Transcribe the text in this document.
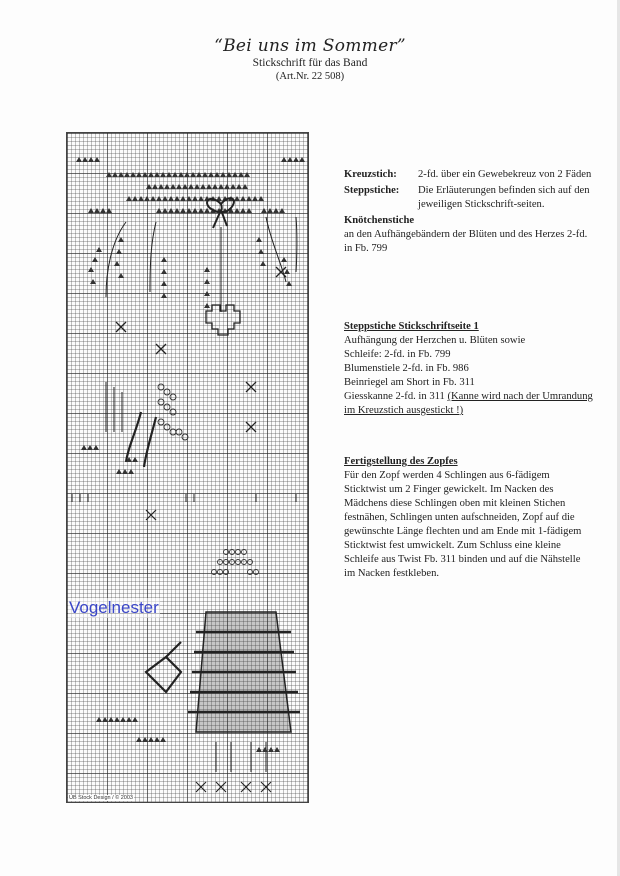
“Bei uns im Sommer”
Stickschrift für das Band
(Art.Nr. 22 508)
Vogelnester
UB Stock Design / © 2003
Kreuzstich:	2-fd. über ein Gewebekreuz von 2 Fäden
Steppstiche:	Die Erläuterungen befinden sich auf den jeweiligen Stickschrift-seiten.
Knötchenstiche
an den Aufhängebändern der Blüten und des Herzes 2-fd. in Fb. 799
Steppstiche Stickschriftseite 1
Aufhängung der Herzchen u. Blüten sowie
Schleife: 2-fd. in Fb. 799
Blumenstiele 2-fd. in Fb. 986
Beinriegel am Short in Fb. 311
Giesskanne 2-fd. in 311 (Kanne wird nach der Umrandung im Kreuzstich ausgestickt !)
Fertigstellung des Zopfes
Für den Zopf werden 4 Schlingen aus 6-fädigem Sticktwist um 2 Finger gewickelt. Im Nacken des Mädchens diese Schlingen oben mit kleinen Stichen festnähen, Schlingen unten aufschneiden, Zopf auf die gewünschte Länge flechten und am Ende mit 1-fädigem Sticktwist fest umwickelt. Zum Schluss eine kleine Schleife aus Twist Fb. 311 binden und auf die Nähstelle im Nacken festkleben.
